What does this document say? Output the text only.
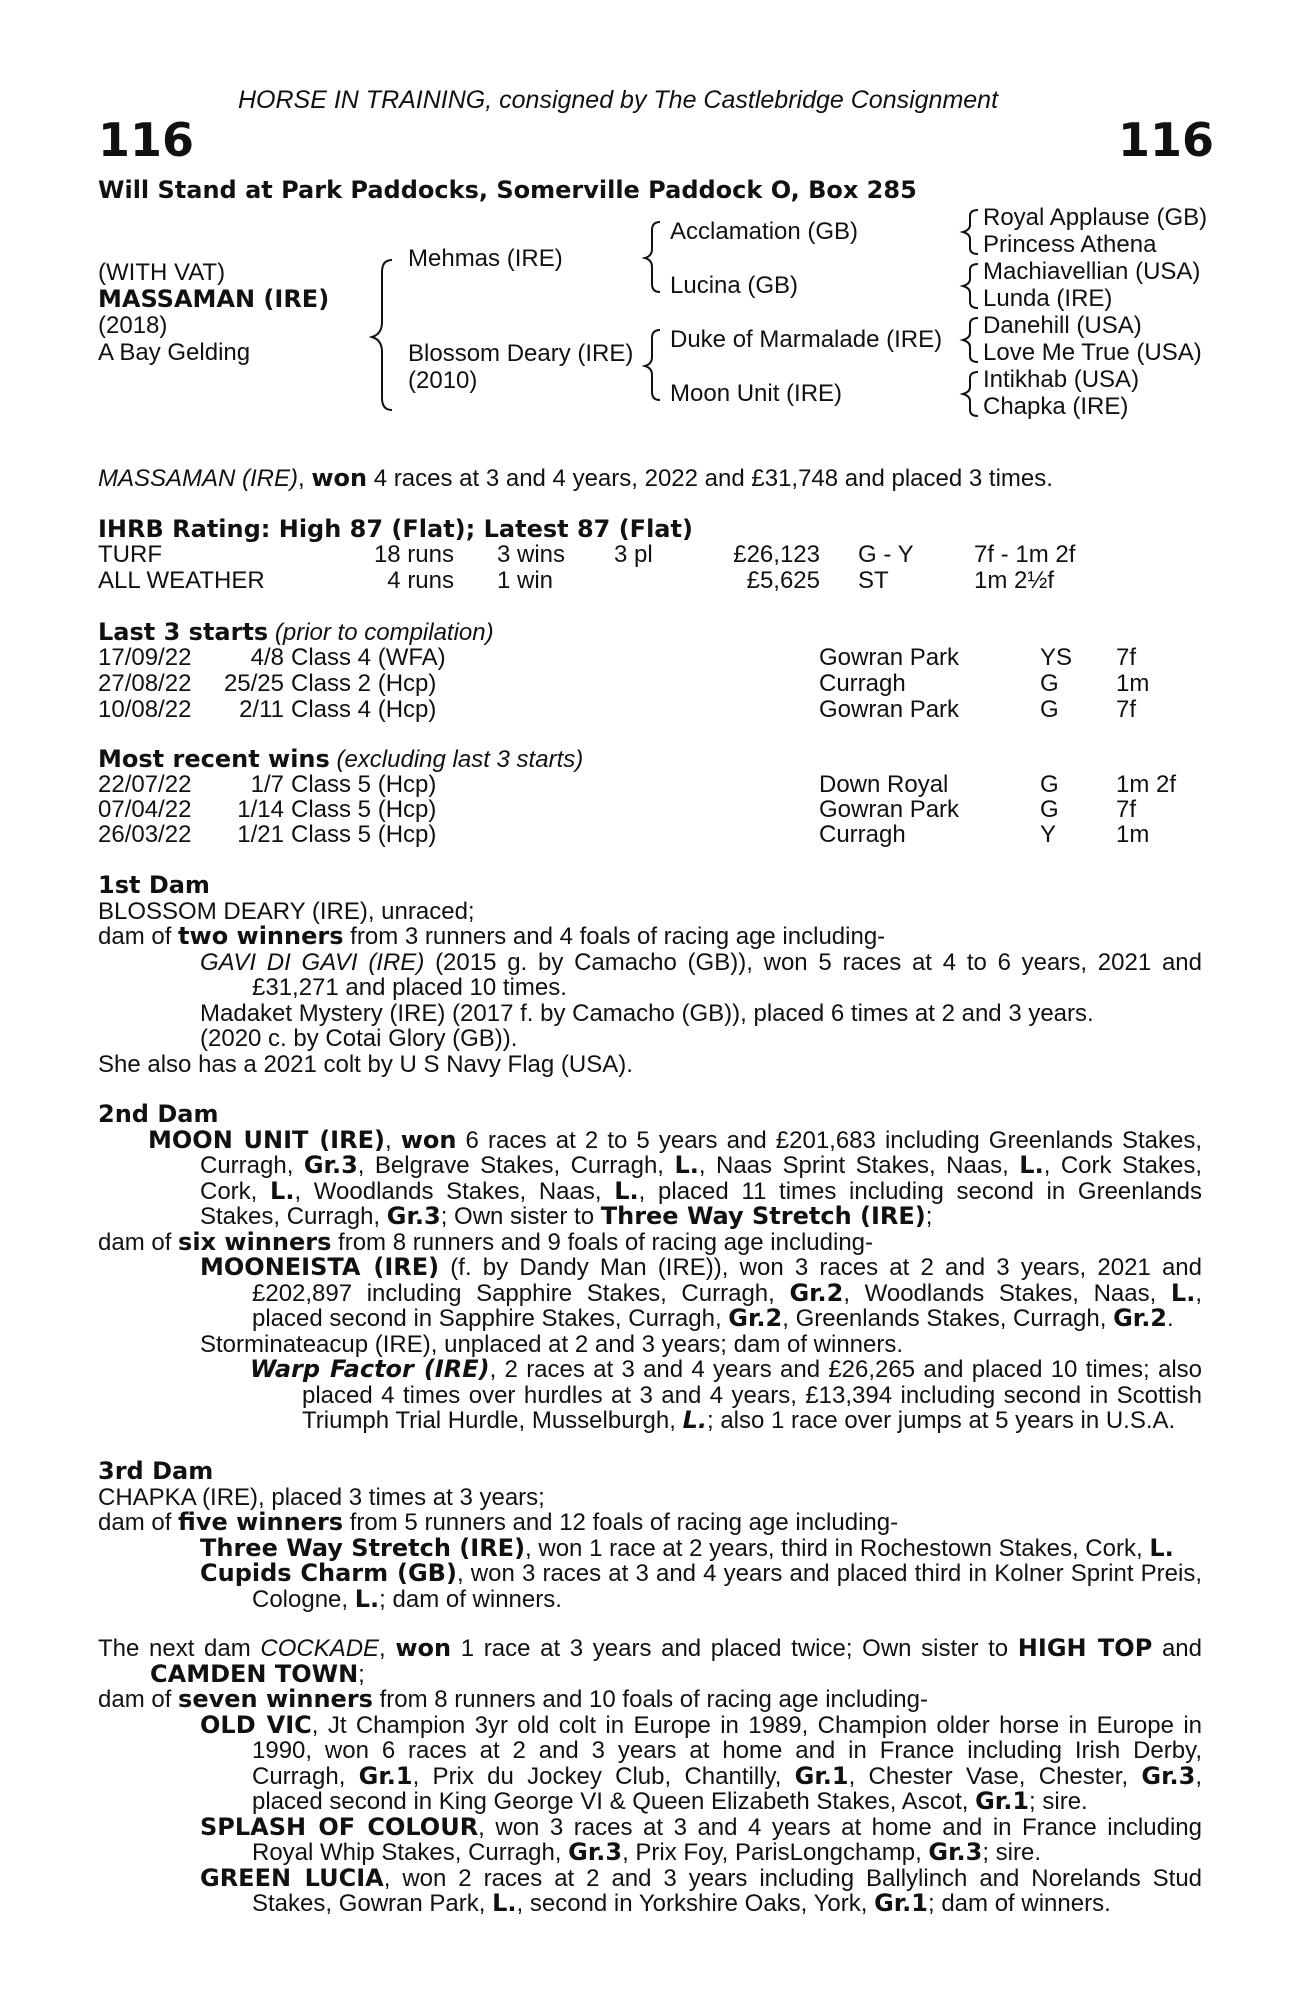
HORSE IN TRAINING, consigned by The Castlebridge Consignment
116	116
Will Stand at Park Paddocks, Somerville Paddock O, Box 285
(WITH VAT)
MASSAMAN (IRE)
(2018)
A Bay Gelding
Mehmas (IRE)
Blossom Deary (IRE)
(2010)
Acclamation (GB)
Lucina (GB)
Duke of Marmalade (IRE)
Moon Unit (IRE)
Royal Applause (GB)
Princess Athena
Machiavellian (USA)
Lunda (IRE)
Danehill (USA)
Love Me True (USA)
Intikhab (USA)
Chapka (IRE)
MASSAMAN (IRE), won 4 races at 3 and 4 years, 2022 and £31,748 and placed 3 times.
IHRB Rating: High 87 (Flat); Latest 87 (Flat)
TURF	18 runs 3 wins 3 pl	£26,123 G - Y	7f - 1m 2f
ALL WEATHER	4 runs 1 win	£5,625 ST	1m 2½f
Last 3 starts (prior to compilation)
17/09/22	4/8 Class 4 (WFA)	Gowran Park	YS 7f
27/08/22	25/25 Class 2 (Hcp)	Curragh	G 1m
10/08/22	2/11 Class 4 (Hcp)	Gowran Park	G 7f
Most recent wins (excluding last 3 starts)
22/07/22	1/7 Class 5 (Hcp)	Down Royal	G 1m 2f
07/04/22	1/14 Class 5 (Hcp)	Gowran Park	G 7f
26/03/22	1/21 Class 5 (Hcp)	Curragh	Y 1m

1st Dam

BLOSSOM DEARY (IRE), unraced;

dam of two winners from 3 runners and 4 foals of racing age including-

GAVI DI GAVI (IRE) (2015 g. by Camacho (GB)), won 5 races at 4 to 6 years, 2021 and £31,271 and placed 10 times.

Madaket Mystery (IRE) (2017 f. by Camacho (GB)), placed 6 times at 2 and 3 years.

(2020 c. by Cotai Glory (GB)).

She also has a 2021 colt by U S Navy Flag (USA).

2nd Dam

MOON UNIT (IRE), won 6 races at 2 to 5 years and £201,683 including Greenlands Stakes, Curragh, Gr.3, Belgrave Stakes, Curragh, L., Naas Sprint Stakes, Naas, L., Cork Stakes, Cork, L., Woodlands Stakes, Naas, L., placed 11 times including second in Greenlands Stakes, Curragh, Gr.3; Own sister to Three Way Stretch (IRE);

dam of six winners from 8 runners and 9 foals of racing age including-

MOONEISTA (IRE) (f. by Dandy Man (IRE)), won 3 races at 2 and 3 years, 2021 and £202,897 including Sapphire Stakes, Curragh, Gr.2, Woodlands Stakes, Naas, L., placed second in Sapphire Stakes, Curragh, Gr.2, Greenlands Stakes, Curragh, Gr.2.

Storminateacup (IRE), unplaced at 2 and 3 years; dam of winners.

Warp Factor (IRE), 2 races at 3 and 4 years and £26,265 and placed 10 times; also placed 4 times over hurdles at 3 and 4 years, £13,394 including second in Scottish Triumph Trial Hurdle, Musselburgh, L.; also 1 race over jumps at 5 years in U.S.A.

3rd Dam

CHAPKA (IRE), placed 3 times at 3 years;

dam of five winners from 5 runners and 12 foals of racing age including-

Three Way Stretch (IRE), won 1 race at 2 years, third in Rochestown Stakes, Cork, L.

Cupids Charm (GB), won 3 races at 3 and 4 years and placed third in Kolner Sprint Preis, Cologne, L.; dam of winners.

The next dam COCKADE, won 1 race at 3 years and placed twice; Own sister to HIGH TOP and CAMDEN TOWN;

dam of seven winners from 8 runners and 10 foals of racing age including-

OLD VIC, Jt Champion 3yr old colt in Europe in 1989, Champion older horse in Europe in 1990, won 6 races at 2 and 3 years at home and in France including Irish Derby, Curragh, Gr.1, Prix du Jockey Club, Chantilly, Gr.1, Chester Vase, Chester, Gr.3, placed second in King George VI & Queen Elizabeth Stakes, Ascot, Gr.1; sire.

SPLASH OF COLOUR, won 3 races at 3 and 4 years at home and in France including Royal Whip Stakes, Curragh, Gr.3, Prix Foy, ParisLongchamp, Gr.3; sire.

GREEN LUCIA, won 2 races at 2 and 3 years including Ballylinch and Norelands Stud Stakes, Gowran Park, L., second in Yorkshire Oaks, York, Gr.1; dam of winners.
